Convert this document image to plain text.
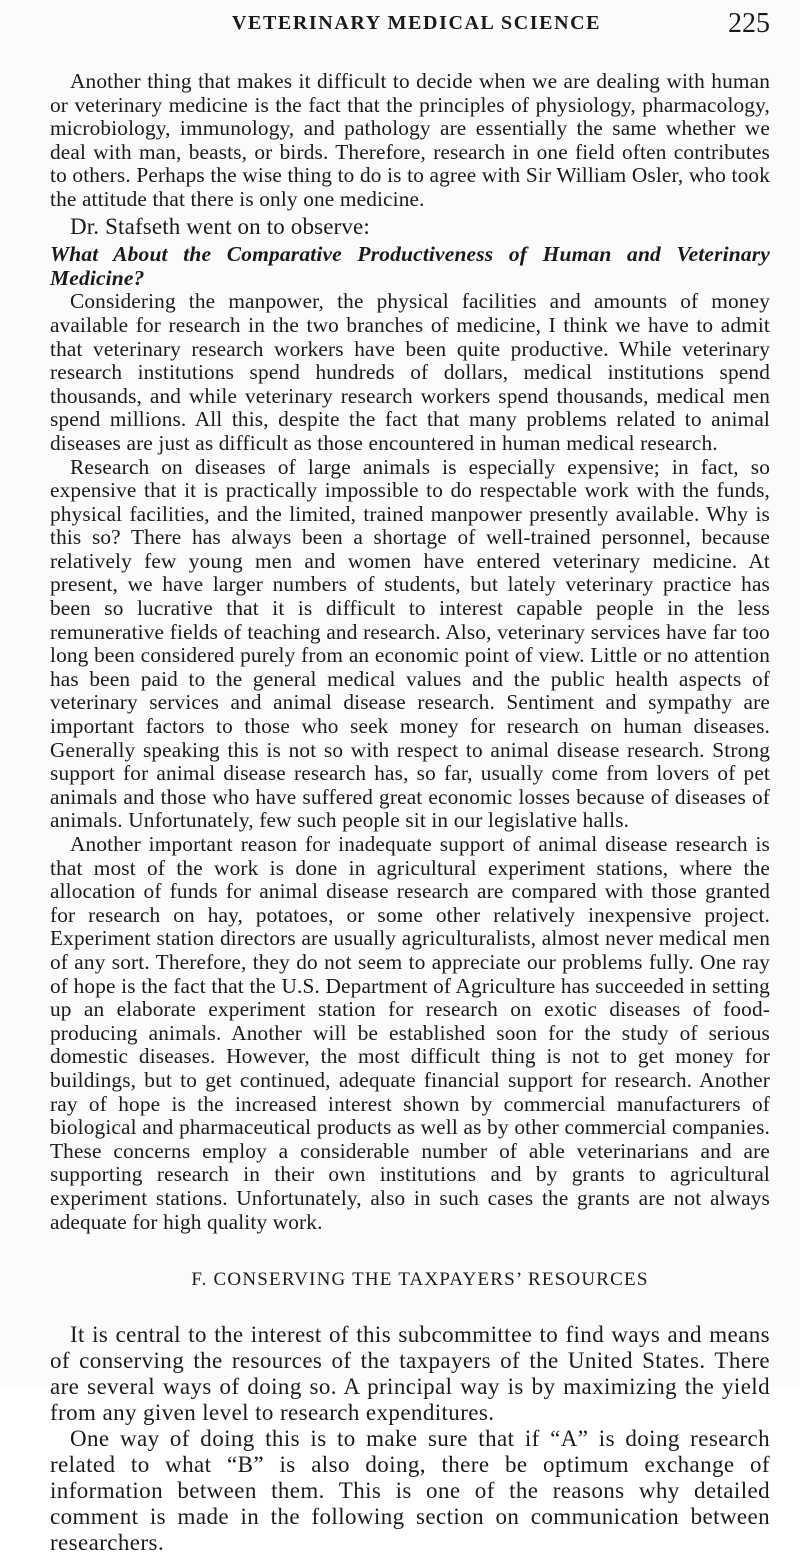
VETERINARY MEDICAL SCIENCE	225

Another thing that makes it difficult to decide when we are dealing with human or veterinary medicine is the fact that the principles of physiology, pharmacology, microbiology, immunology, and pathology are essentially the same whether we deal with man, beasts, or birds. Therefore, research in one field often contributes to others. Perhaps the wise thing to do is to agree with Sir William Osler, who took the attitude that there is only one medicine.

Dr. Stafseth went on to observe:

What About the Comparative Productiveness of Human and Veterinary Medicine?

Considering the manpower, the physical facilities and amounts of money available for research in the two branches of medicine, I think we have to admit that veterinary research workers have been quite productive. While veterinary research institutions spend hundreds of dollars, medical institutions spend thousands, and while veterinary research workers spend thousands, medical men spend millions. All this, despite the fact that many problems related to animal diseases are just as difficult as those encountered in human medical research.

Research on diseases of large animals is especially expensive; in fact, so expensive that it is practically impossible to do respectable work with the funds, physical facilities, and the limited, trained manpower presently available. Why is this so? There has always been a shortage of well-trained personnel, because relatively few young men and women have entered veterinary medicine. At present, we have larger numbers of students, but lately veterinary practice has been so lucrative that it is difficult to interest capable people in the less remunerative fields of teaching and research. Also, veterinary services have far too long been considered purely from an economic point of view. Little or no attention has been paid to the general medical values and the public health aspects of veterinary services and animal disease research. Sentiment and sympathy are important factors to those who seek money for research on human diseases. Generally speaking this is not so with respect to animal disease research. Strong support for animal disease research has, so far, usually come from lovers of pet animals and those who have suffered great economic losses because of diseases of animals. Unfortunately, few such people sit in our legislative halls.

Another important reason for inadequate support of animal disease research is that most of the work is done in agricultural experiment stations, where the allocation of funds for animal disease research are compared with those granted for research on hay, potatoes, or some other relatively inexpensive project. Experiment station directors are usually agriculturalists, almost never medical men of any sort. Therefore, they do not seem to appreciate our problems fully. One ray of hope is the fact that the U.S. Department of Agriculture has succeeded in setting up an elaborate experiment station for research on exotic diseases of food-producing animals. Another will be established soon for the study of serious domestic diseases. However, the most difficult thing is not to get money for buildings, but to get continued, adequate financial support for research. Another ray of hope is the increased interest shown by commercial manufacturers of biological and pharmaceutical products as well as by other commercial companies. These concerns employ a considerable number of able veterinarians and are supporting research in their own institutions and by grants to agricultural experiment stations. Unfortunately, also in such cases the grants are not always adequate for high quality work.

F. CONSERVING THE TAXPAYERS’ RESOURCES

It is central to the interest of this subcommittee to find ways and means of conserving the resources of the taxpayers of the United States. There are several ways of doing so. A principal way is by maximizing the yield from any given level to research expenditures.

One way of doing this is to make sure that if “A” is doing research related to what “B” is also doing, there be optimum exchange of information between them. This is one of the reasons why detailed comment is made in the following section on communication between researchers.
